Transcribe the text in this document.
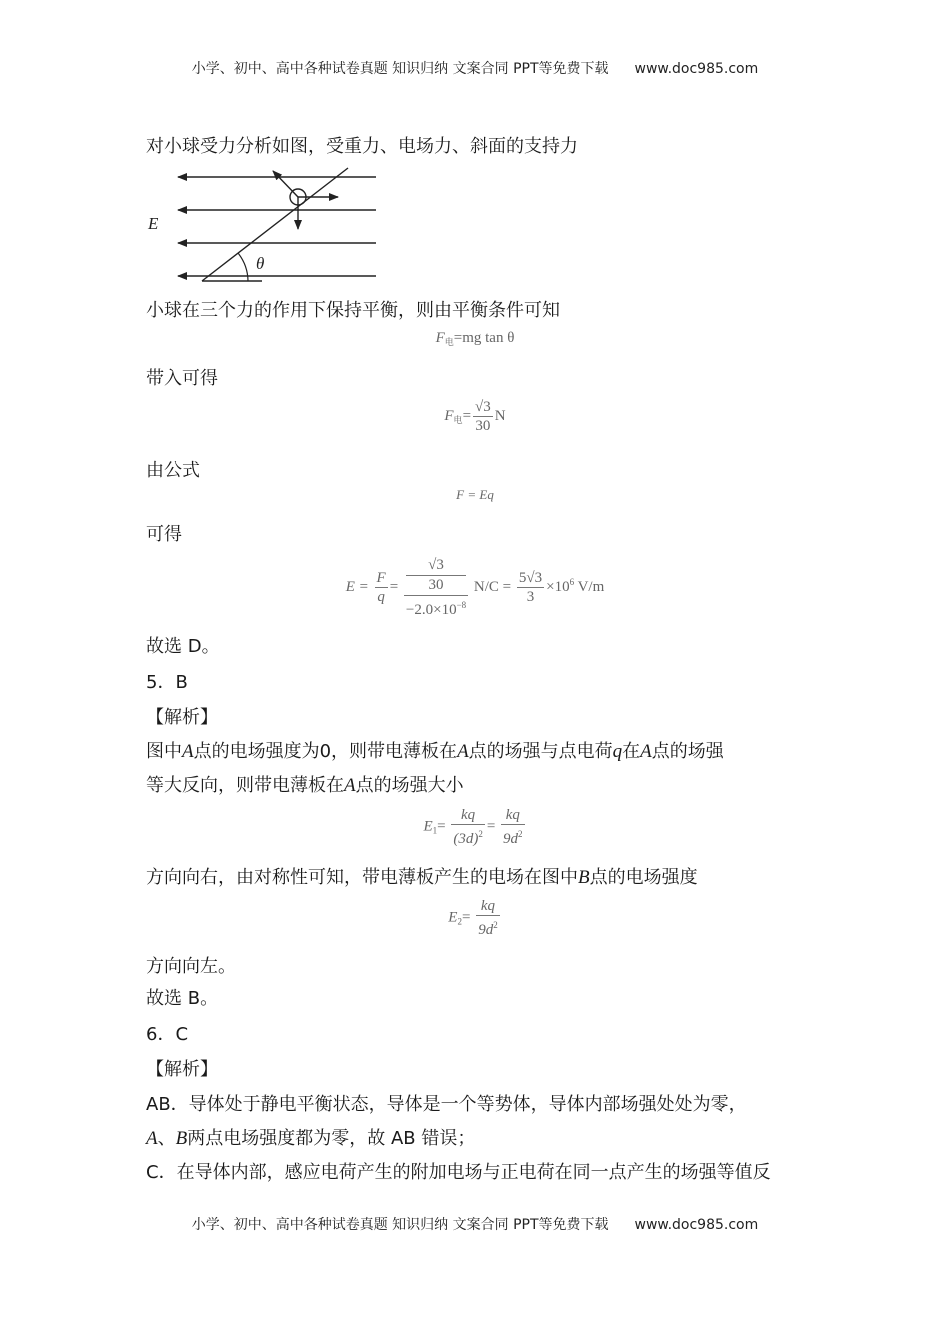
小学、初中、高中各种试卷真题 知识归纳 文案合同 PPT等免费下载 www.doc985.com
对小球受力分析如图，受重力、电场力、斜面的支持力
E
θ
小球在三个力的作用下保持平衡，则由平衡条件可知
$F_电=mg$ tan θ
带入可得
$F_电= \frac{√3}{30}$ N
由公式
F = Eq
可得
$E = \frac{F}{q} = √3$
30
$-2.0\times 10^{-8}$ $N/C = \frac{5√3}{3} \times 10^6$ V/m
故选 D。
5．B
【解析】
图中A点的电场强度为0，则带电薄板在A点的场强与点电荷q在A点的场强
等大反向，则带电薄板在A点的场强大小
$E_1= \frac{kq}{(3d)^2} = \frac{kq}{9d^2}$
方向向右，由对称性可知，带电薄板产生的电场在图中B点的电场强度
$E_2= \frac{kq}{9d^2}$
方向向左。
故选 B。
6．C
【解析】
AB．导体处于静电平衡状态，导体是一个等势体，导体内部场强处处为零，
A、B两点电场强度都为零，故 AB 错误；
C．在导体内部，感应电荷产生的附加电场与正电荷在同一点产生的场强等值反
小学、初中、高中各种试卷真题 知识归纳 文案合同 PPT等免费下载 www.doc985.com
